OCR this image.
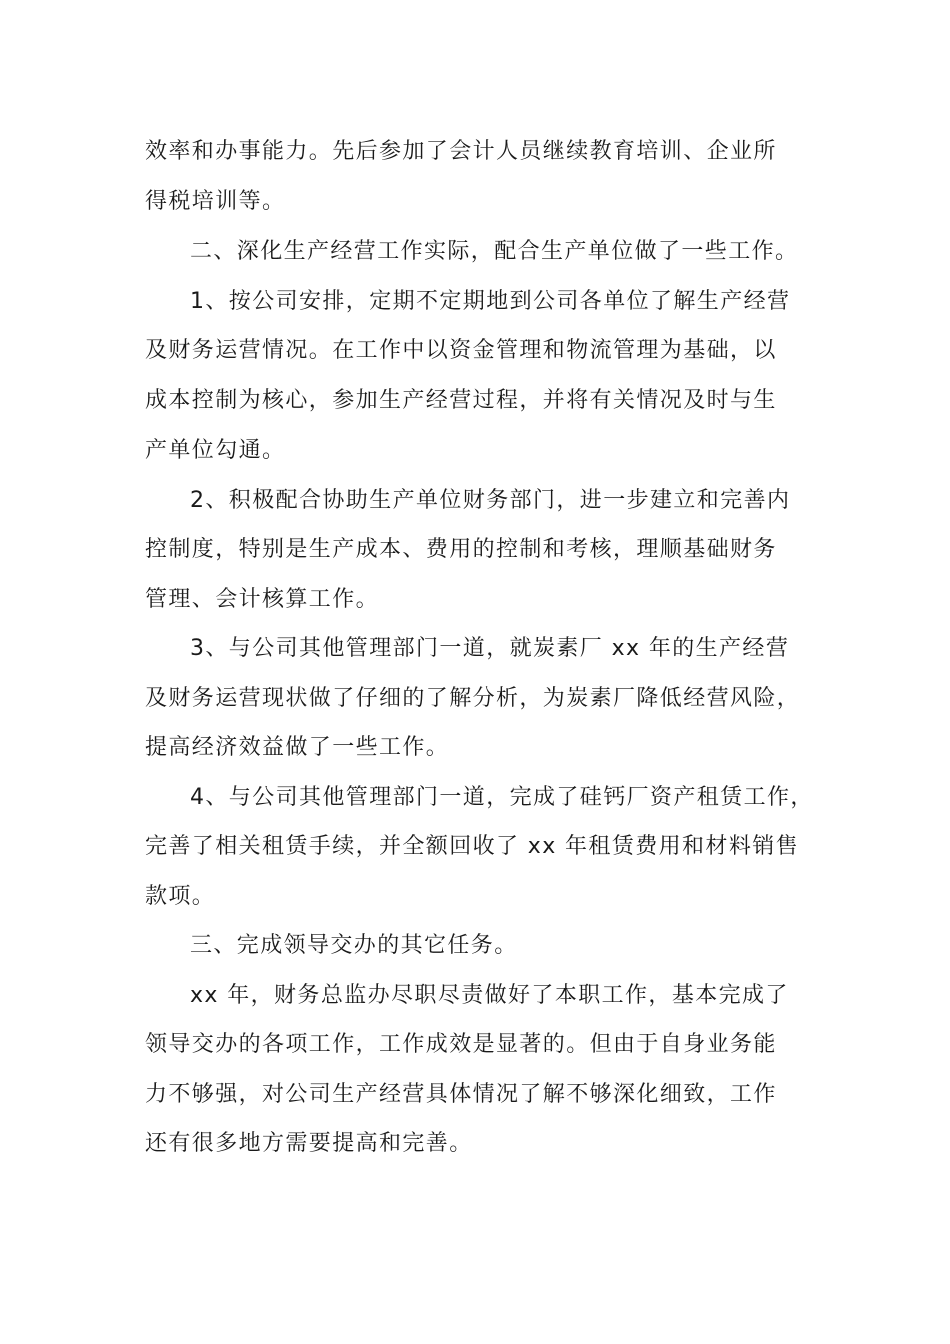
效率和办事能力。先后参加了会计人员继续教育培训、企业所
得税培训等。
二、深化生产经营工作实际，配合生产单位做了一些工作。
1、按公司安排，定期不定期地到公司各单位了解生产经营
及财务运营情况。在工作中以资金管理和物流管理为基础，以
成本控制为核心，参加生产经营过程，并将有关情况及时与生
产单位勾通。
2、积极配合协助生产单位财务部门，进一步建立和完善内
控制度，特别是生产成本、费用的控制和考核，理顺基础财务
管理、会计核算工作。
3、与公司其他管理部门一道，就炭素厂 xx 年的生产经营
及财务运营现状做了仔细的了解分析，为炭素厂降低经营风险，
提高经济效益做了一些工作。
4、与公司其他管理部门一道，完成了硅钙厂资产租赁工作，
完善了相关租赁手续，并全额回收了 xx 年租赁费用和材料销售
款项。
三、完成领导交办的其它任务。
xx 年，财务总监办尽职尽责做好了本职工作，基本完成了
领导交办的各项工作，工作成效是显著的。但由于自身业务能
力不够强，对公司生产经营具体情况了解不够深化细致，工作
还有很多地方需要提高和完善。
